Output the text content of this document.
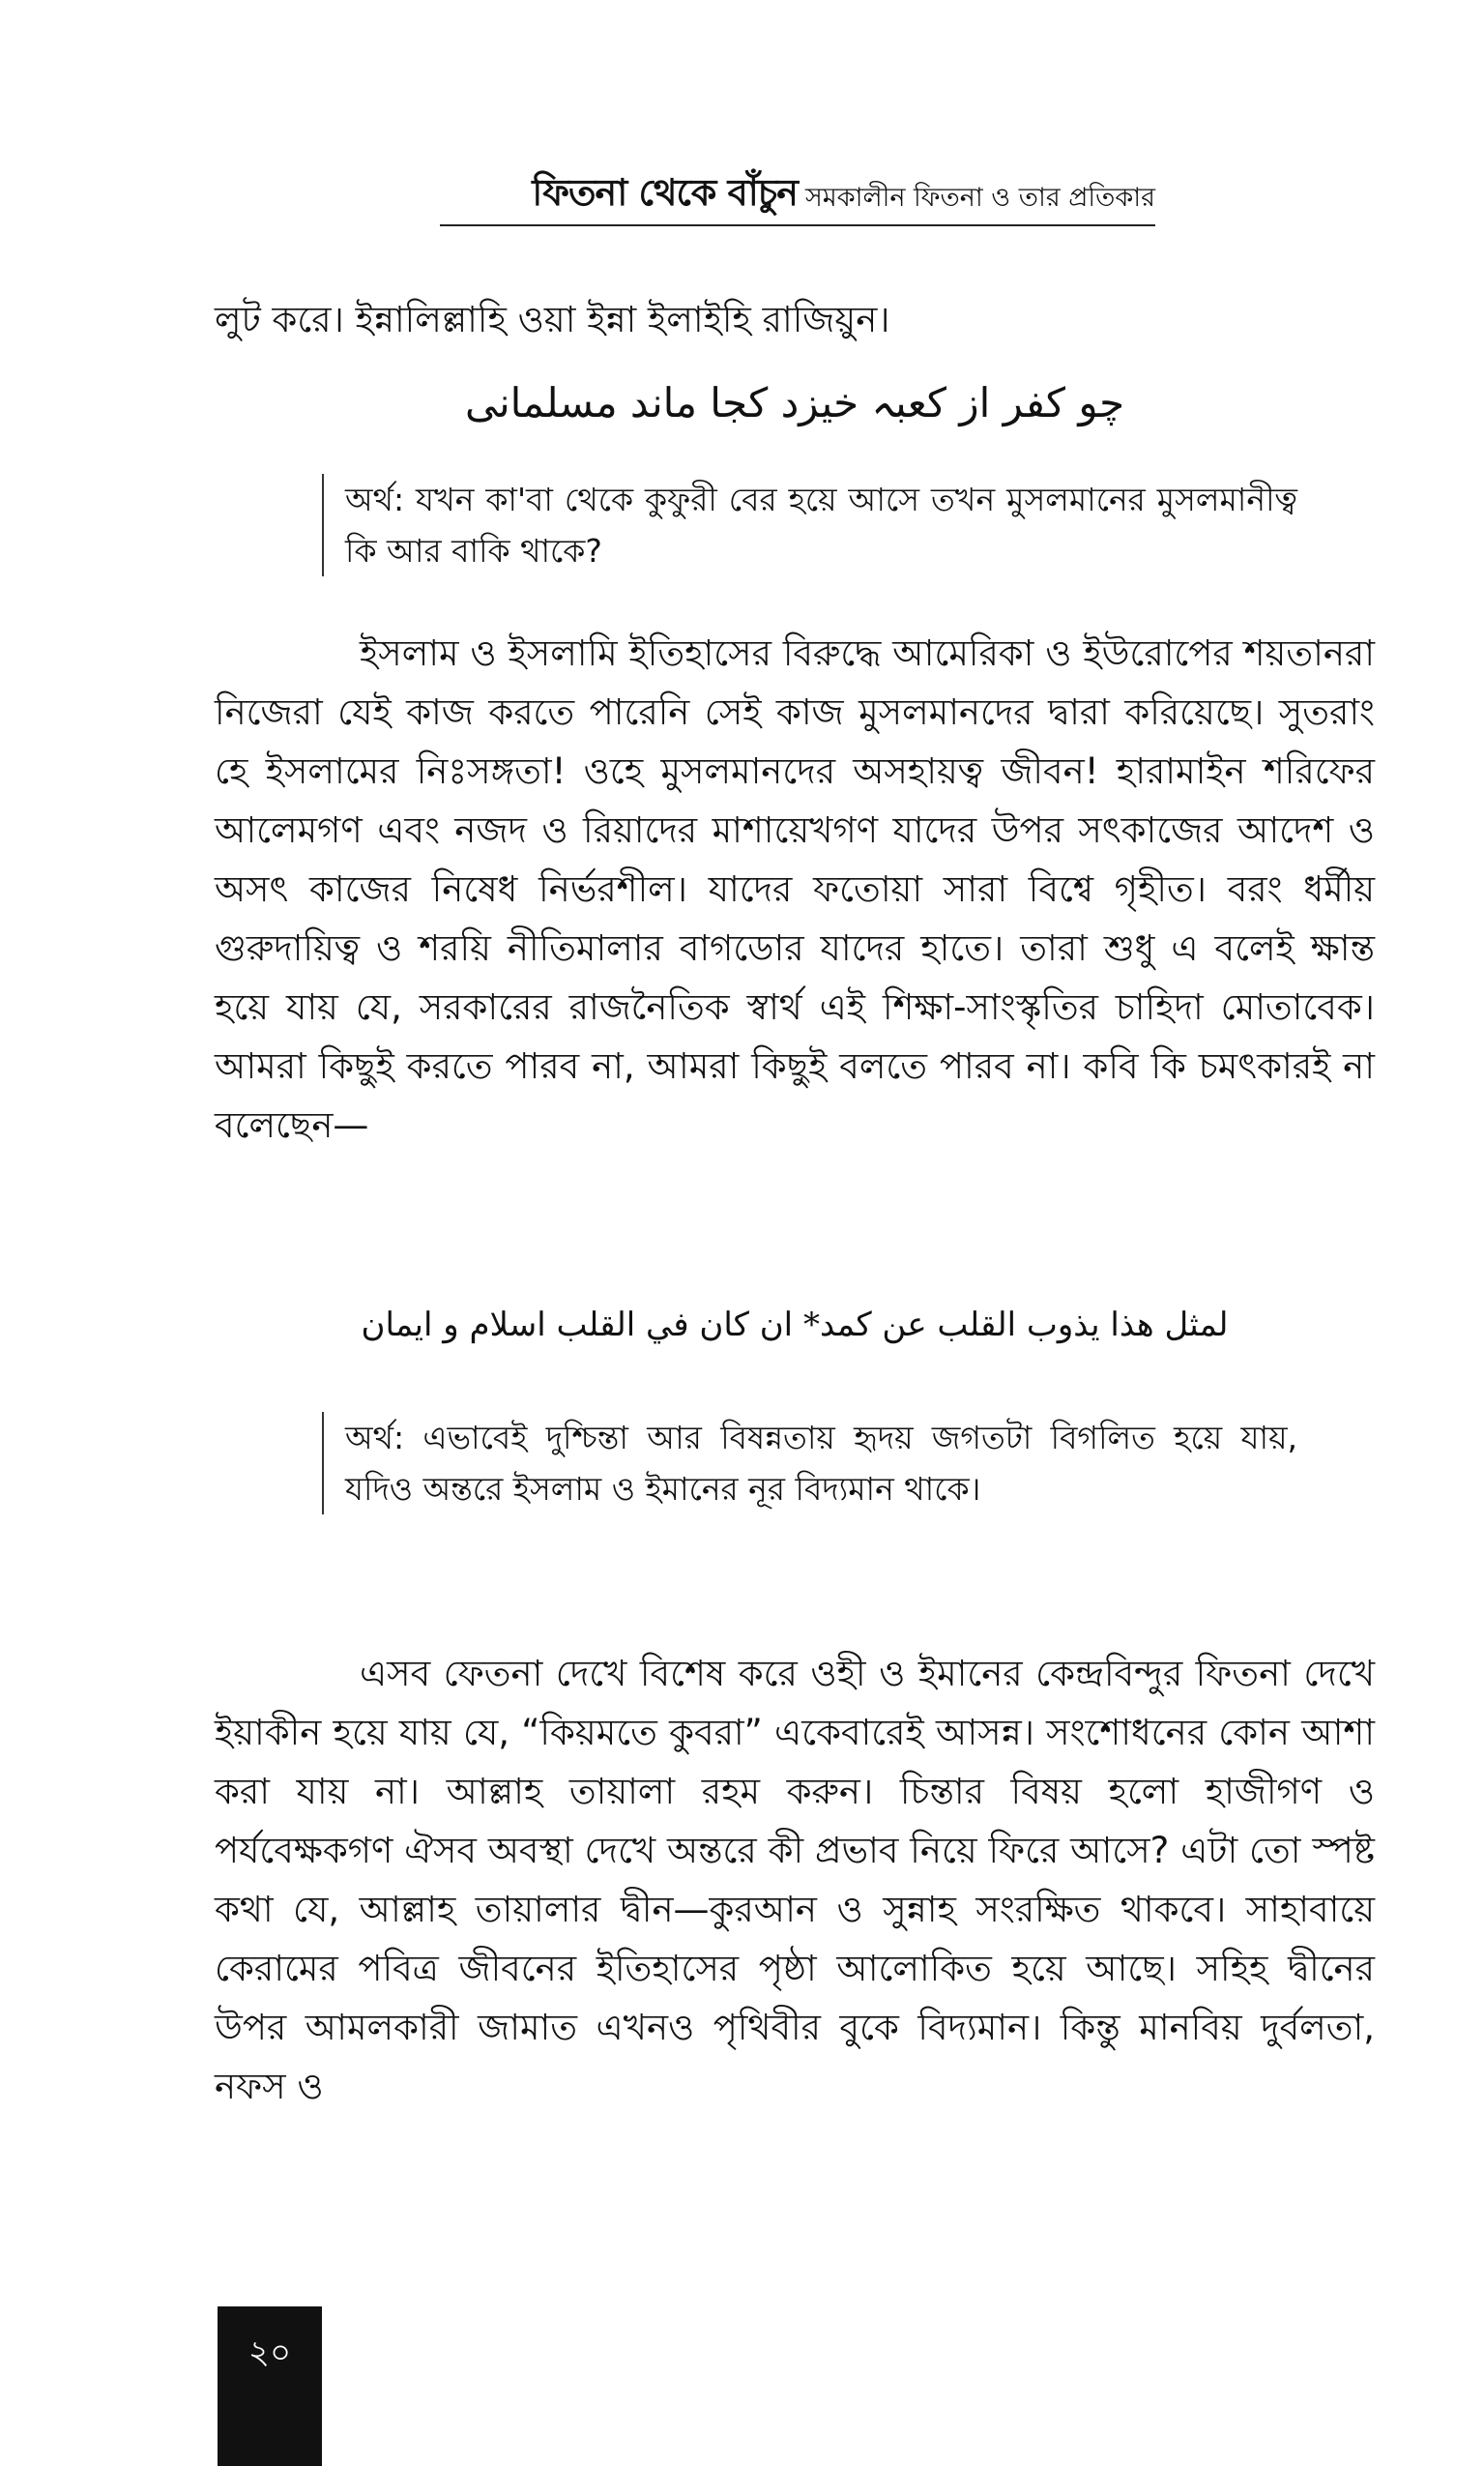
ফিতনা থেকে বাঁচুন সমকালীন ফিতনা ও তার প্রতিকার

লুট করে। ইন্নালিল্লাহি ওয়া ইন্না ইলাইহি রাজিয়ুন।

چو کفر از کعبہ خیزد کجا ماند مسلمانی
অর্থ: যখন কা'বা থেকে কুফুরী বের হয়ে আসে তখন মুসলমানের মুসলমানীত্ব কি আর বাকি থাকে?

ইসলাম ও ইসলামি ইতিহাসের বিরুদ্ধে আমেরিকা ও ইউরোপের শয়তানরা নিজেরা যেই কাজ করতে পারেনি সেই কাজ মুসলমানদের দ্বারা করিয়েছে। সুতরাং হে ইসলামের নিঃসঙ্গতা! ওহে মুসলমানদের অসহায়ত্ব জীবন! হারামাইন শরিফের আলেমগণ এবং নজদ ও রিয়াদের মাশায়েখগণ যাদের উপর সৎকাজের আদেশ ও অসৎ কাজের নিষেধ নির্ভরশীল। যাদের ফতোয়া সারা বিশ্বে গৃহীত। বরং ধর্মীয় গুরুদায়িত্ব ও শরয়ি নীতিমালার বাগডোর যাদের হাতে। তারা শুধু এ বলেই ক্ষান্ত হয়ে যায় যে, সরকারের রাজনৈতিক স্বার্থ এই শিক্ষা-সাংস্কৃতির চাহিদা মোতাবেক। আমরা কিছুই করতে পারব না, আমরা কিছুই বলতে পারব না। কবি কি চমৎকারই না বলেছেন—

لمثل هذا يذوب القلب عن كمد* ان كان في القلب اسلام و ايمان
অর্থ: এভাবেই দুশ্চিন্তা আর বিষন্নতায় হৃদয় জগতটা বিগলিত হয়ে যায়, যদিও অন্তরে ইসলাম ও ইমানের নূর বিদ্যমান থাকে।

এসব ফেতনা দেখে বিশেষ করে ওহী ও ইমানের কেন্দ্রবিন্দুর ফিতনা দেখে ইয়াকীন হয়ে যায় যে, “কিয়মতে কুবরা” একেবারেই আসন্ন। সংশোধনের কোন আশা করা যায় না। আল্লাহ তায়ালা রহম করুন। চিন্তার বিষয় হলো হাজীগণ ও পর্যবেক্ষকগণ ঐসব অবস্থা দেখে অন্তরে কী প্রভাব নিয়ে ফিরে আসে? এটা তো স্পষ্ট কথা যে, আল্লাহ তায়ালার দ্বীন—কুরআন ও সুন্নাহ সংরক্ষিত থাকবে। সাহাবায়ে কেরামের পবিত্র জীবনের ইতিহাসের পৃষ্ঠা আলোকিত হয়ে আছে। সহিহ দ্বীনের উপর আমলকারী জামাত এখনও পৃথিবীর বুকে বিদ্যমান। কিন্তু মানবিয় দুর্বলতা, নফস ও

২০
